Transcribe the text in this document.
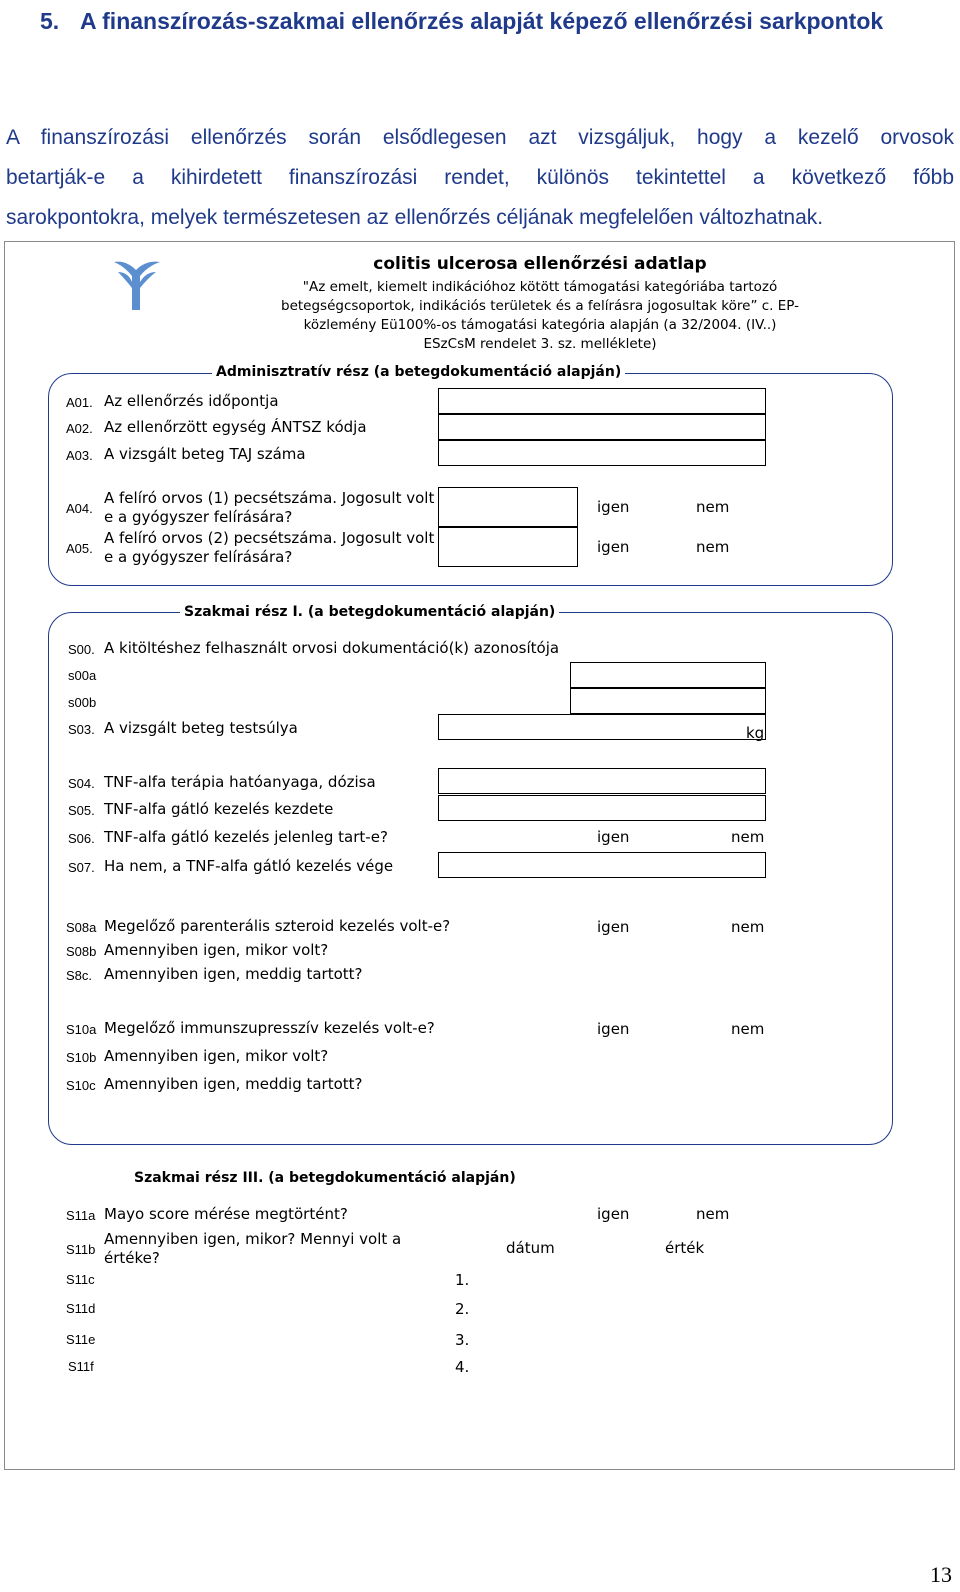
5. A finanszírozás-szakmai ellenőrzés alapját képező ellenőrzési sarkpontok
A finanszírozási ellenőrzés során elsődlegesen azt vizsgáljuk, hogy a kezelő orvosok
betartják-e a kihirdetett finanszírozási rendet, különös tekintettel a következő főbb
sarokpontokra, melyek természetesen az ellenőrzés céljának megfelelően változhatnak.
colitis ulcerosa ellenőrzési adatlap
"Az emelt, kiemelt indikációhoz kötött támogatási kategóriába tartozó
betegségcsoportok, indikációs területek és a felírásra jogosultak köre” c. EP-
közlemény Eü100%-os támogatási kategória alapján (a 32/2004. (IV..)
ESzCsM rendelet 3. sz. melléklete)
Adminisztratív rész (a betegdokumentáció alapján)
A01. Az ellenőrzés időpontja
A02. Az ellenőrzött egység ÁNTSZ kódja
A03. A vizsgált beteg TAJ száma
A04.
A felíró orvos (1) pecsétszáma. Jogosult volt
e a gyógyszer felírására?
igen	nem
A05.
A felíró orvos (2) pecsétszáma. Jogosult volt
e a gyógyszer felírására?
igen	nem
Szakmai rész I. (a betegdokumentáció alapján)
S00. A kitöltéshez felhasznált orvosi dokumentáció(k) azonosítója
s00a
s00b
S03. A vizsgált beteg testsúlya	kg
S04. TNF-alfa terápia hatóanyaga, dózisa
S05. TNF-alfa gátló kezelés kezdete
S06. TNF-alfa gátló kezelés jelenleg tart-e?	igen	nem
S07. Ha nem, a TNF-alfa gátló kezelés vége
S08a Megelőző parenterális szteroid kezelés volt-e?	igen	nem
S08b Amennyiben igen, mikor volt?
S8c. Amennyiben igen, meddig tartott?
S10a Megelőző immunszupresszív kezelés volt-e?	igen	nem
S10b Amennyiben igen, mikor volt?
S10c Amennyiben igen, meddig tartott?
Szakmai rész III. (a betegdokumentáció alapján)
S11a Mayo score mérése megtörtént?	igen	nem
S11b
Amennyiben igen, mikor? Mennyi volt a
értéke?
dátum	érték
S11c	1.
S11d	2.
S11e	3.
S11f	4.
13
